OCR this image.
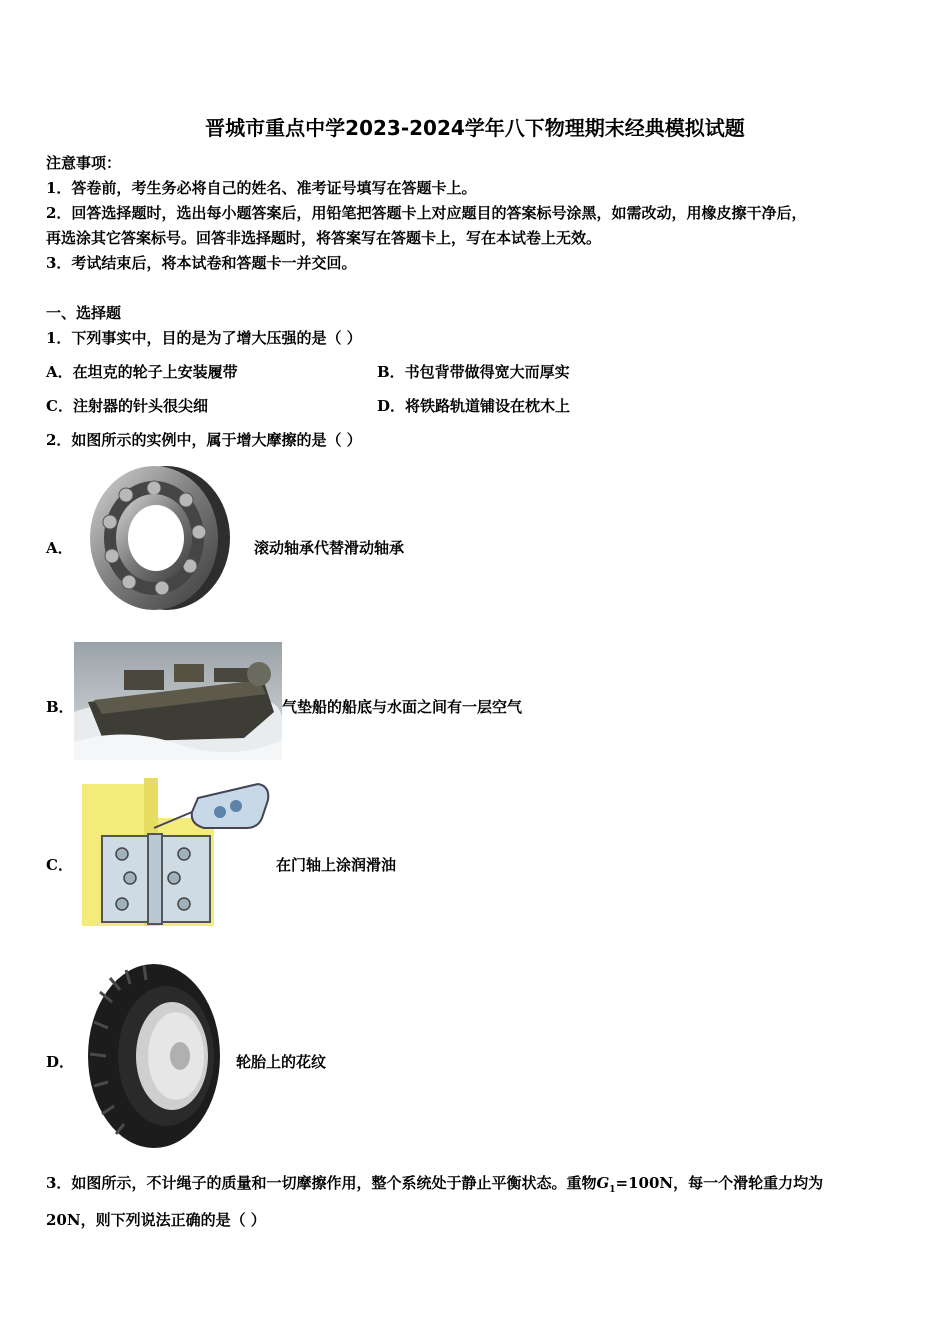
晋城市重点中学2023-2024学年八下物理期末经典模拟试题
注意事项：
1．答卷前，考生务必将自己的姓名、准考证号填写在答题卡上。
2．回答选择题时，选出每小题答案后，用铅笔把答题卡上对应题目的答案标号涂黑，如需改动，用橡皮擦干净后，
再选涂其它答案标号。回答非选择题时，将答案写在答题卡上，写在本试卷上无效。
3．考试结束后，将本试卷和答题卡一并交回。
一、选择题
1．下列事实中，目的是为了增大压强的是（ ）
A．在坦克的轮子上安装履带	B．书包背带做得宽大而厚实
C．注射器的针头很尖细	D．将铁路轨道铺设在枕木上
2．如图所示的实例中，属于增大摩擦的是（ ）
A．	滚动轴承代替滑动轴承
B．	气垫船的船底与水面之间有一层空气
C．	在门轴上涂润滑油
D．	轮胎上的花纹
3．如图所示，不计绳子的质量和一切摩擦作用，整个系统处于静止平衡状态。重物$G_1=100N$，每一个滑轮重力均为
20N，则下列说法正确的是（ ）
